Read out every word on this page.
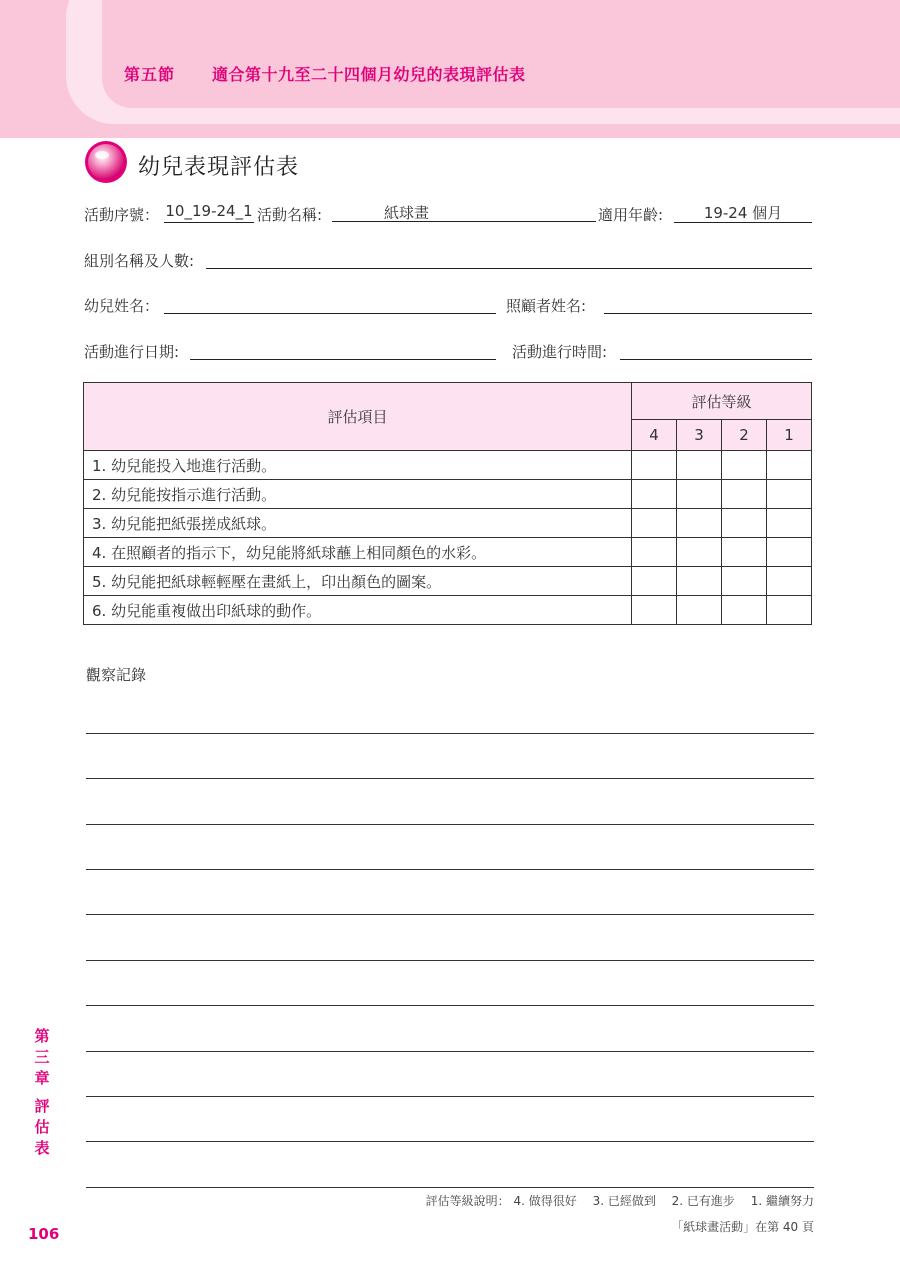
第五節 適合第十九至二十四個月幼兒的表現評估表
幼兒表現評估表
活動序號： 10_19-24_1 活動名稱:	紙球畫	適用年齡:	19-24 個月
組別名稱及人數:
幼兒姓名：	照顧者姓名:
活動進行日期:	活動進行時間:
評估項目	評估等級			
	4	3	2	1
1. 幼兒能投入地進行活動。				
2. 幼兒能按指示進行活動。				
3. 幼兒能把紙張搓成紙球。				
4. 在照顧者的指示下，幼兒能將紙球蘸上相同顏色的水彩。				
5. 幼兒能把紙球輕輕壓在畫紙上，印出顏色的圖案。				
6. 幼兒能重複做出印紙球的動作。				
觀察記錄
評估等級說明： 4. 做得很好　 3. 已經做到　 2. 已有進步　 1. 繼續努力
「紙球畫活動」在第 40 頁
第
三
章
評
估
表
106
